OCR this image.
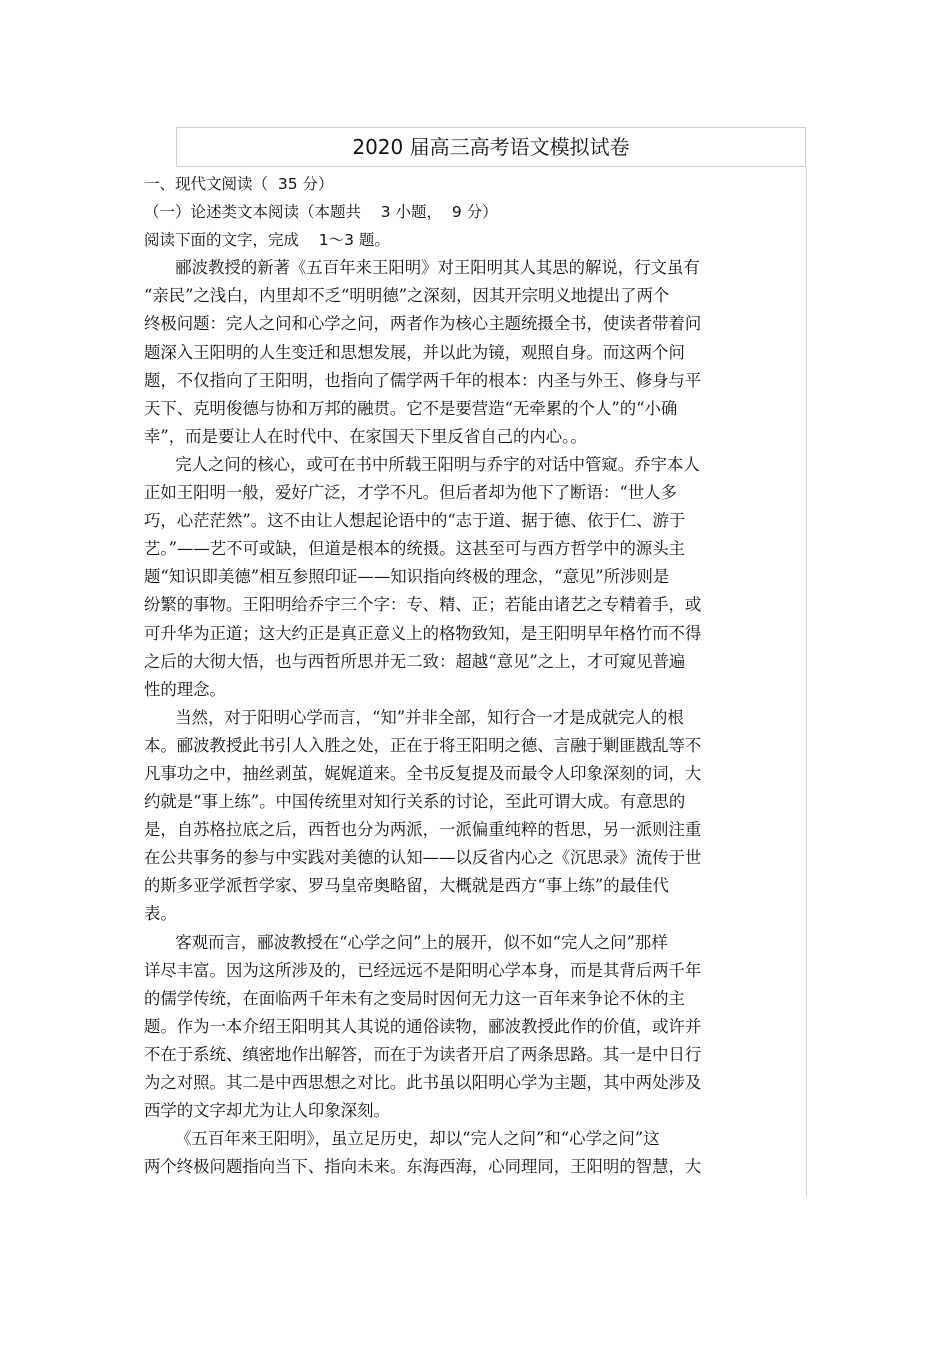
2020 届高三高考语文模拟试卷
一、现代文阅读（  35 分）
（一）论述类文本阅读（本题共    3 小题，  9 分）
阅读下面的文字，完成    1～3 题。
郦波教授的新著《五百年来王阳明》对王阳明其人其思的解说，行文虽有
“亲民”之浅白，内里却不乏“明明德”之深刻，因其开宗明义地提出了两个
终极问题：完人之问和心学之问，两者作为核心主题统摄全书，使读者带着问
题深入王阳明的人生变迁和思想发展，并以此为镜，观照自身。而这两个问
题，不仅指向了王阳明，也指向了儒学两千年的根本：内圣与外王、修身与平
天下、克明俊德与协和万邦的融贯。它不是要营造“无牵累的个人”的“小确
幸”，而是要让人在时代中、在家国天下里反省自己的内心。。
完人之问的核心，或可在书中所载王阳明与乔宇的对话中管窥。乔宇本人
正如王阳明一般，爱好广泛，才学不凡。但后者却为他下了断语：“世人多
巧，心茫茫然”。这不由让人想起论语中的“志于道、据于德、依于仁、游于
艺。”——艺不可或缺，但道是根本的统摄。这甚至可与西方哲学中的源头主
题“知识即美德”相互参照印证——知识指向终极的理念，“意见”所涉则是
纷繁的事物。王阳明给乔宇三个字：专、精、正；若能由诸艺之专精着手，或
可升华为正道；这大约正是真正意义上的格物致知，是王阳明早年格竹而不得
之后的大彻大悟，也与西哲所思并无二致：超越“意见”之上，才可窥见普遍
性的理念。
当然，对于阳明心学而言，“知”并非全部，知行合一才是成就完人的根
本。郦波教授此书引人入胜之处，正在于将王阳明之德、言融于剿匪戡乱等不
凡事功之中，抽丝剥茧，娓娓道来。全书反复提及而最令人印象深刻的词，大
约就是“事上练”。中国传统里对知行关系的讨论，至此可谓大成。有意思的
是，自苏格拉底之后，西哲也分为两派，一派偏重纯粹的哲思，另一派则注重
在公共事务的参与中实践对美德的认知——以反省内心之《沉思录》流传于世
的斯多亚学派哲学家、罗马皇帝奥略留，大概就是西方“事上练”的最佳代
表。
客观而言，郦波教授在“心学之问”上的展开，似不如“完人之问”那样
详尽丰富。因为这所涉及的，已经远远不是阳明心学本身，而是其背后两千年
的儒学传统，在面临两千年未有之变局时因何无力这一百年来争论不休的主
题。作为一本介绍王阳明其人其说的通俗读物，郦波教授此作的价值，或许并
不在于系统、缜密地作出解答，而在于为读者开启了两条思路。其一是中日行
为之对照。其二是中西思想之对比。此书虽以阳明心学为主题，其中两处涉及
西学的文字却尤为让人印象深刻。
《五百年来王阳明》，虽立足历史，却以“完人之问”和“心学之问”这
两个终极问题指向当下、指向未来。东海西海，心同理同，王阳明的智慧，大
